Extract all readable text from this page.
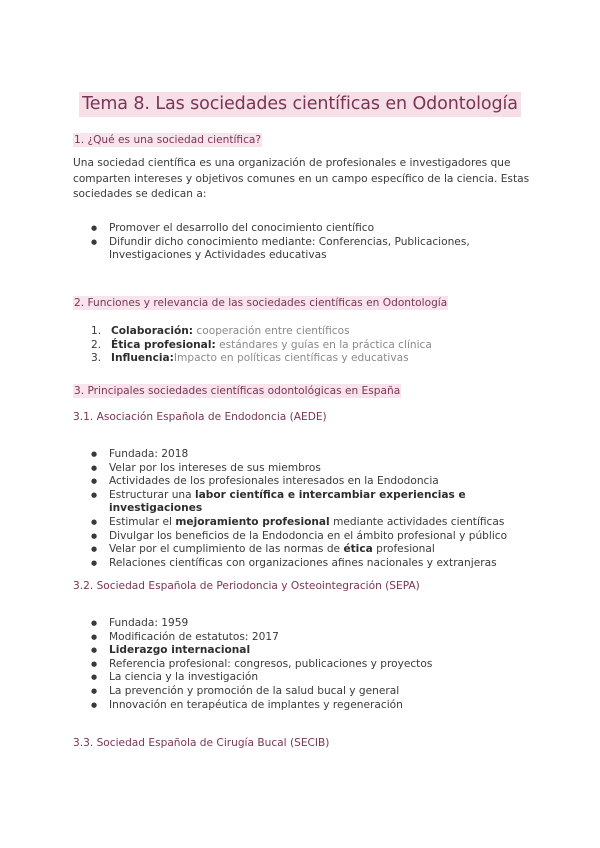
Tema 8. Las sociedades científicas en Odontología
1. ¿Qué es una sociedad científica?
Una sociedad científica es una organización de profesionales e investigadores que
comparten intereses y objetivos comunes en un campo específico de la ciencia. Estas
sociedades se dedican a:
● Promover el desarrollo del conocimiento científico
● Difundir dicho conocimiento mediante: Conferencias, Publicaciones,
Investigaciones y Actividades educativas
2. Funciones y relevancia de las sociedades científicas en Odontología
1. Colaboración: cooperación entre científicos
2. Ética profesional: estándares y guías en la práctica clínica
3. Influencia:Impacto en políticas científicas y educativas
3. Principales sociedades científicas odontológicas en España
3.1. Asociación Española de Endodoncia (AEDE)
● Fundada: 2018
● Velar por los intereses de sus miembros
● Actividades de los profesionales interesados en la Endodoncia
● Estructurar una labor científica e intercambiar experiencias e investigaciones
● Estimular el mejoramiento profesional mediante actividades científicas
● Divulgar los beneficios de la Endodoncia en el ámbito profesional y público
● Velar por el cumplimiento de las normas de ética profesional
● Relaciones científicas con organizaciones afines nacionales y extranjeras
3.2. Sociedad Española de Periodoncia y Osteointegración (SEPA)
● Fundada: 1959
● Modificación de estatutos: 2017
● Liderazgo internacional
● Referencia profesional: congresos, publicaciones y proyectos
● La ciencia y la investigación
● La prevención y promoción de la salud bucal y general
● Innovación en terapéutica de implantes y regeneración
3.3. Sociedad Española de Cirugía Bucal (SECIB)
